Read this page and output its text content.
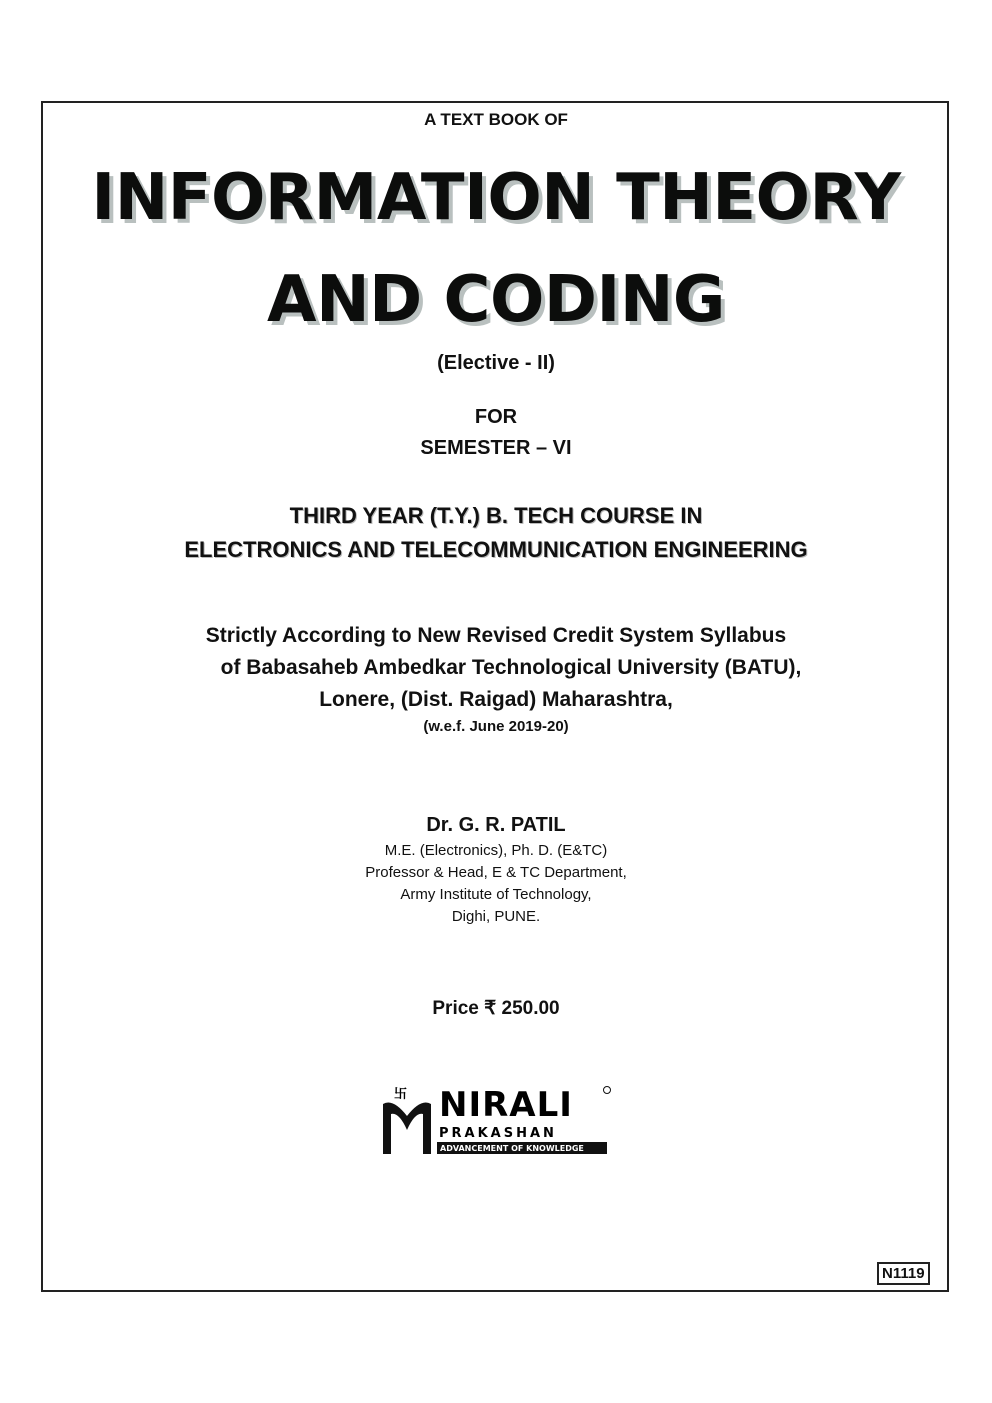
A TEXT BOOK OF
INFORMATION THEORY
AND CODING
(Elective - II)
FOR
SEMESTER – VI
THIRD YEAR (T.Y.) B. TECH COURSE IN
ELECTRONICS AND TELECOMMUNICATION ENGINEERING
Strictly According to New Revised Credit System Syllabus
of Babasaheb Ambedkar Technological University (BATU),
Lonere, (Dist. Raigad) Maharashtra,
(w.e.f. June 2019-20)
Dr. G. R. PATIL
M.E. (Electronics), Ph. D. (E&TC)
Professor & Head, E & TC Department,
Army Institute of Technology,
Dighi, PUNE.
Price ₹ 250.00
卐 NIRALI
PRAKASHAN
ADVANCEMENT OF KNOWLEDGE
N1119
